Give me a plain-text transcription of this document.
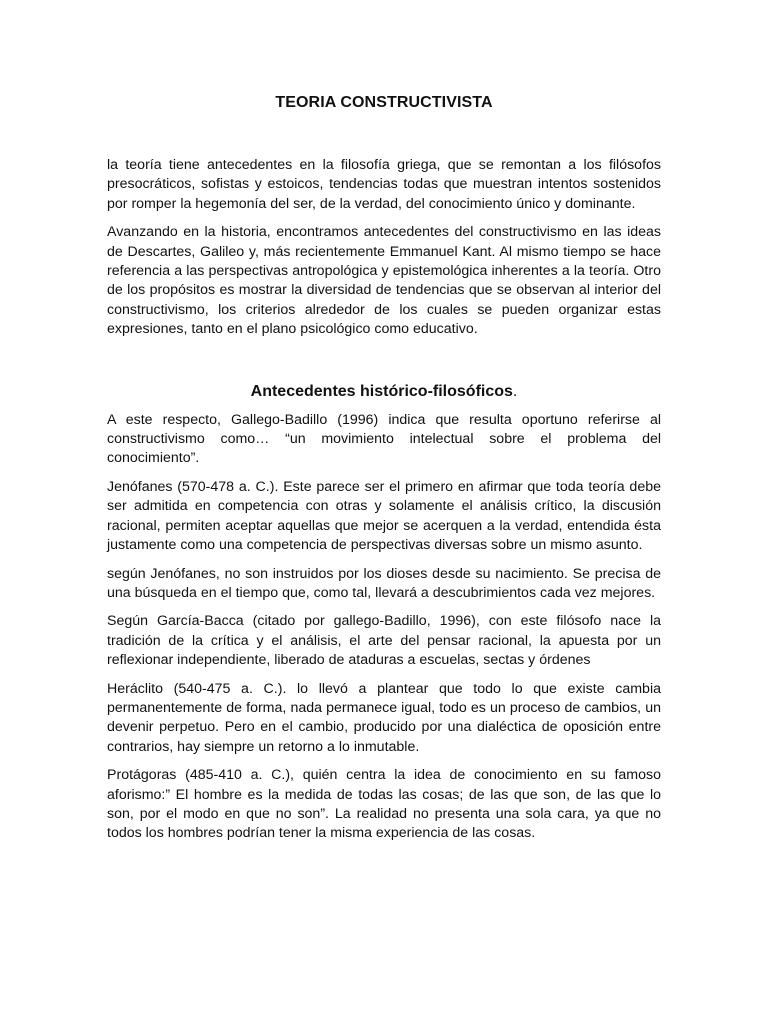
TEORIA CONSTRUCTIVISTA

la teoría tiene antecedentes en la filosofía griega, que se remontan a los filósofos presocráticos, sofistas y estoicos, tendencias todas que muestran intentos sostenidos por romper la hegemonía del ser, de la verdad, del conocimiento único y dominante.

Avanzando en la historia, encontramos antecedentes del constructivismo en las ideas de Descartes, Galileo y, más recientemente Emmanuel Kant. Al mismo tiempo se hace referencia a las perspectivas antropológica y epistemológica inherentes a la teoría. Otro de los propósitos es mostrar la diversidad de tendencias que se observan al interior del constructivismo, los criterios alrededor de los cuales se pueden organizar estas expresiones, tanto en el plano psicológico como educativo.

Antecedentes histórico-filosóficos.

A este respecto, Gallego-Badillo (1996) indica que resulta oportuno referirse al constructivismo como… “un movimiento intelectual sobre el problema del conocimiento”.

Jenófanes (570-478 a. C.). Este parece ser el primero en afirmar que toda teoría debe ser admitida en competencia con otras y solamente el análisis crítico, la discusión racional, permiten aceptar aquellas que mejor se acerquen a la verdad, entendida ésta justamente como una competencia de perspectivas diversas sobre un mismo asunto.

según Jenófanes, no son instruidos por los dioses desde su nacimiento. Se precisa de una búsqueda en el tiempo que, como tal, llevará a descubrimientos cada vez mejores.

Según García-Bacca (citado por gallego-Badillo, 1996), con este filósofo nace la tradición de la crítica y el análisis, el arte del pensar racional, la apuesta por un reflexionar independiente, liberado de ataduras a escuelas, sectas y órdenes

Heráclito (540-475 a. C.). lo llevó a plantear que todo lo que existe cambia permanentemente de forma, nada permanece igual, todo es un proceso de cambios, un devenir perpetuo. Pero en el cambio, producido por una dialéctica de oposición entre contrarios, hay siempre un retorno a lo inmutable.

Protágoras (485-410 a. C.), quién centra la idea de conocimiento en su famoso aforismo:” El hombre es la medida de todas las cosas; de las que son, de las que lo son, por el modo en que no son”. La realidad no presenta una sola cara, ya que no todos los hombres podrían tener la misma experiencia de las cosas.
